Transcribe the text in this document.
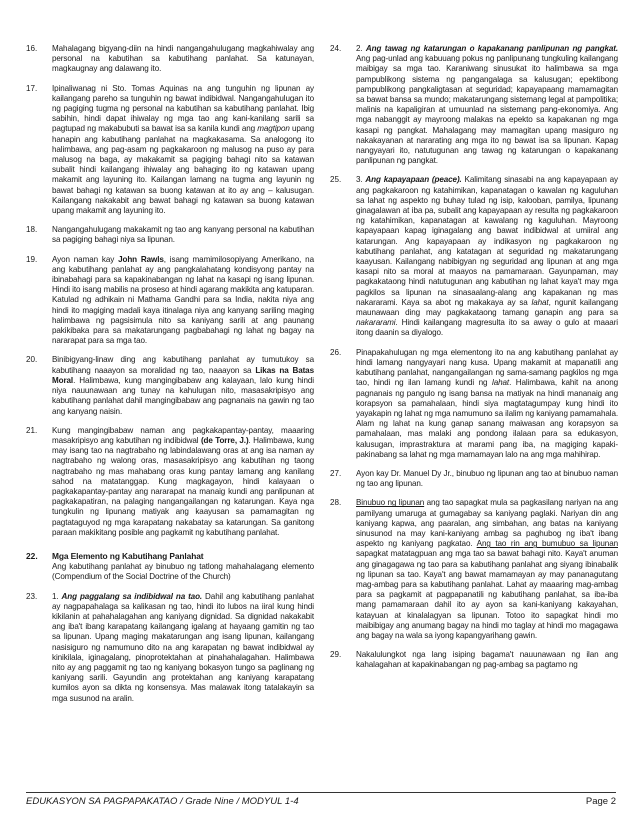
16.	Mahalagang bigyang-diin na hindi nangangahulugang magkahiwalay ang personal na kabutihan sa kabutihang panlahat. Sa katunayan, magkaugnay ang dalawang ito.
17.	Ipinaliwanag ni Sto. Tomas Aquinas na ang tunguhin ng lipunan ay kailangang pareho sa tunguhin ng bawat indibidwal. Nangangahulugan ito ng pagiging tugma ng personal na kabutihan sa kabutihang panlahat. Ibig sabihin, hindi dapat ihiwalay ng mga tao ang kani-kanilang sarili sa pagtupad ng makabubuti sa bawat isa sa kanila kundi ang magtipon upang hanapin ang kabutihang panlahat na magkakasama. Sa analogong ito halimbawa, ang pag-asam ng pagkakaroon ng malusog na puso ay para malusog na baga, ay makakamit sa pagiging bahagi nito sa katawan subalit hindi kailangang ihiwalay ang bahaging ito ng katawan upang makamit ang layuning ito. Kailangan lamang na tugma ang layunin ng bawat bahagi ng katawan sa buong katawan at ito ay ang – kalusugan. Kailangang nakakabit ang bawat bahagi ng katawan sa buong katawan upang makamit ang layuning ito.
18.	Nangangahulugang makakamit ng tao ang kanyang personal na kabutihan sa pagiging bahagi niya sa lipunan.
19.	Ayon naman kay John Rawls, isang mamimilosopiyang Amerikano, na ang kabutihang panlahat ay ang pangkalahatang kondisyong pantay na ibinabahagi para sa kapakinabangan ng lahat na kasapi ng isang lipunan. Hindi ito isang mabilis na proseso at hindi agarang makikita ang katuparan. Katulad ng adhikain ni Mathama Gandhi para sa India, nakita niya ang hindi ito magiging madali kaya itinalaga niya ang kanyang sariling maging halimbawa ng pagsisimula nito sa kaniyang sarili at ang paunang pakikibaka para sa makatarungang pagbabahagi ng lahat ng bagay na nararapat para sa mga tao.
20.	Binibigyang-linaw ding ang kabutihang panlahat ay tumutukoy sa kabutihang naaayon sa moralidad ng tao, naaayon sa Likas na Batas Moral. Halimbawa, kung mangingibabaw ang kalayaan, lalo kung hindi niya nauunawaan ang tunay na kahulugan nito, masasakripisyo ang kabutihang panlahat dahil mangingibabaw ang pagnanais na gawin ng tao ang kanyang naisin.
21.	Kung mangingibabaw naman ang pagkakapantay-pantay, maaaring masakripisyo ang kabutihan ng indibidwal (de Torre, J.). Halimbawa, kung may isang tao na nagtrabaho ng labindalawang oras at ang isa naman ay nagtrabaho ng walong oras, masasakripisyo ang kabutihan ng taong nagtrabaho ng mas mahabang oras kung pantay lamang ang kanilang sahod na matatanggap. Kung magkagayon, hindi kalayaan o pagkakapantay-pantay ang nararapat na manaig kundi ang panlipunan at pagkakapatiran, na palaging nangangailangan ng katarungan. Kaya nga tungkulin ng lipunang matiyak ang kaayusan sa pamamagitan ng pagtataguyod ng mga karapatang nakabatay sa katarungan. Sa ganitong paraan makikitang posible ang pagkamit ng kabutihang panlahat.
22.	Mga Elemento ng Kabutihang Panlahat
Ang kabutihang panlahat ay binubuo ng tatlong mahahalagang elemento (Compendium of the Social Doctrine of the Church)
23.	1. Ang paggalang sa indibidwal na tao. Dahil ang kabutihang panlahat ay nagpapahalaga sa kalikasan ng tao, hindi ito lubos na iiral kung hindi kikilanin at pahahalagahan ang kaniyang dignidad. Sa dignidad nakakabit ang iba't ibang karapatang kailangang igalang at hayaang gamitin ng tao sa lipunan. Upang maging makatarungan ang isang lipunan, kailangang nasisiguro ng namumuno dito na ang karapatan ng bawat indibidwal ay kinikilala, iginagalang, pinoprotektahan at pinahahalagahan. Halimbawa nito ay ang paggamit ng tao ng kaniyang bokasyon tungo sa paglinang ng kaniyang sarili. Gayundin ang protektahan ang kaniyang karapatang kumilos ayon sa dikta ng konsensya. Mas malawak itong tatalakayin sa mga susunod na aralin.
24.	2. Ang tawag ng katarungan o kapakanang panlipunan ng pangkat. Ang pag-unlad ang kabuuang pokus ng panlipunang tungkuling kailangang maibigay sa mga tao. Karaniwang sinusukat ito halimbawa sa mga pampublikong sistema ng pangangalaga sa kalusugan; epektibong pampublikong pangkaligtasan at seguridad; kapayapaang mamamagitan sa bawat bansa sa mundo; makatarungang sistemang legal at pampolitika; malinis na kapaligiran at umuunlad na sistemang pang-ekonomiya. Ang mga nabanggit ay mayroong malakas na epekto sa kapakanan ng mga kasapi ng pangkat. Mahalagang may mamagitan upang masiguro ng nakakayanan at nararating ang mga ito ng bawat isa sa lipunan. Kapag nangyayari ito, natutugunan ang tawag ng katarungan o kapakanang panlipunan ng pangkat.
25.	3. Ang kapayapaan (peace). Kalimitang sinasabi na ang kapayapaan ay ang pagkakaroon ng katahimikan, kapanatagan o kawalan ng kaguluhan sa lahat ng aspekto ng buhay tulad ng isip, kalooban, pamilya, lipunang ginagalawan at iba pa, subalit ang kapayapaan ay resulta ng pagkakaroon ng katahimikan, kapanatagan at kawalang ng kaguluhan. Mayroong kapayapaan kapag iginagalang ang bawat indibidwal at umiiral ang katarungan. Ang kapayapaan ay indikasyon ng pagkakaroon ng kabutihang panlahat, ang katatagan at seguridad ng makatarungang kaayusan. Kailangang nabibigyan ng seguridad ang lipunan at ang mga kasapi nito sa moral at maayos na pamamaraan. Gayunpaman, may pagkakataong hindi natutugunan ang kabutihan ng lahat kaya't may mga pagkilos sa lipunan na sinasaalang-alang ang kapakanan ng mas nakararami. Kaya sa abot ng makakaya ay sa lahat, ngunit kailangang maunawaan ding may pagkakataong tamang ganapin ang para sa nakararami. Hindi kailangang magresulta ito sa away o gulo at maaari itong daanin sa diyalogo.
26.	Pinapakahulugan ng mga elementong ito na ang kabutihang panlahat ay hindi lamang nangyayari nang kusa. Upang makamit at mapanatili ang kabutihang panlahat, nangangailangan ng sama-samang pagkilos ng mga tao, hindi ng ilan lamang kundi ng lahat. Halimbawa, kahit na anong pagnanais ng pangulo ng isang bansa na matiyak na hindi mananaig ang korapsyon sa pamahalaan, hindi siya magtatagumpay kung hindi ito yayakapin ng lahat ng mga namumuno sa ilalim ng kaniyang pamamahala. Alam ng lahat na kung ganap sanang maiwasan ang korapsyon sa pamahalaan, mas malaki ang pondong ilalaan para sa edukasyon, kalusugan, imprastraktura at marami pang iba, na magiging kapaki-pakinabang sa lahat ng mga mamamayan lalo na ang mga mahihirap.
27.	Ayon kay Dr. Manuel Dy Jr., binubuo ng lipunan ang tao at binubuo naman ng tao ang lipunan.
28.	Binubuo ng lipunan ang tao sapagkat mula sa pagkasilang nariyan na ang pamilyang umaruga at gumagabay sa kaniyang paglaki. Nariyan din ang kaniyang kapwa, ang paaralan, ang simbahan, ang batas na kaniyang sinusunod na may kani-kaniyang ambag sa paghubog ng iba't ibang aspekto ng kaniyang pagkatao. Ang tao rin ang bumubuo sa lipunan sapagkat matatagpuan ang mga tao sa bawat bahagi nito. Kaya't anuman ang ginagagawa ng tao para sa kabutihang panlahat ang siyang ibinabalik ng lipunan sa tao. Kaya't ang bawat mamamayan ay may pananagutang mag-ambag para sa kabutihang panlahat. Lahat ay maaaring mag-ambag para sa pagkamit at pagpapanatili ng kabutihang panlahat, sa iba-iba mang pamamaraan dahil ito ay ayon sa kani-kaniyang kakayahan, katayuan at kinalalagyan sa lipunan. Totoo ito sapagkat hindi mo maibibigay ang anumang bagay na hindi mo taglay at hindi mo magagawa ang bagay na wala sa iyong kapangyarihang gawin.
29.	Nakalulungkot nga lang isiping bagama't nauunawaan ng ilan ang kahalagahan at kapakinabangan ng pag-ambag sa pagtamo ng
EDUKASYON SA PAGPAPAKATAO / Grade Nine / MODYUL 1-4	Page 2
